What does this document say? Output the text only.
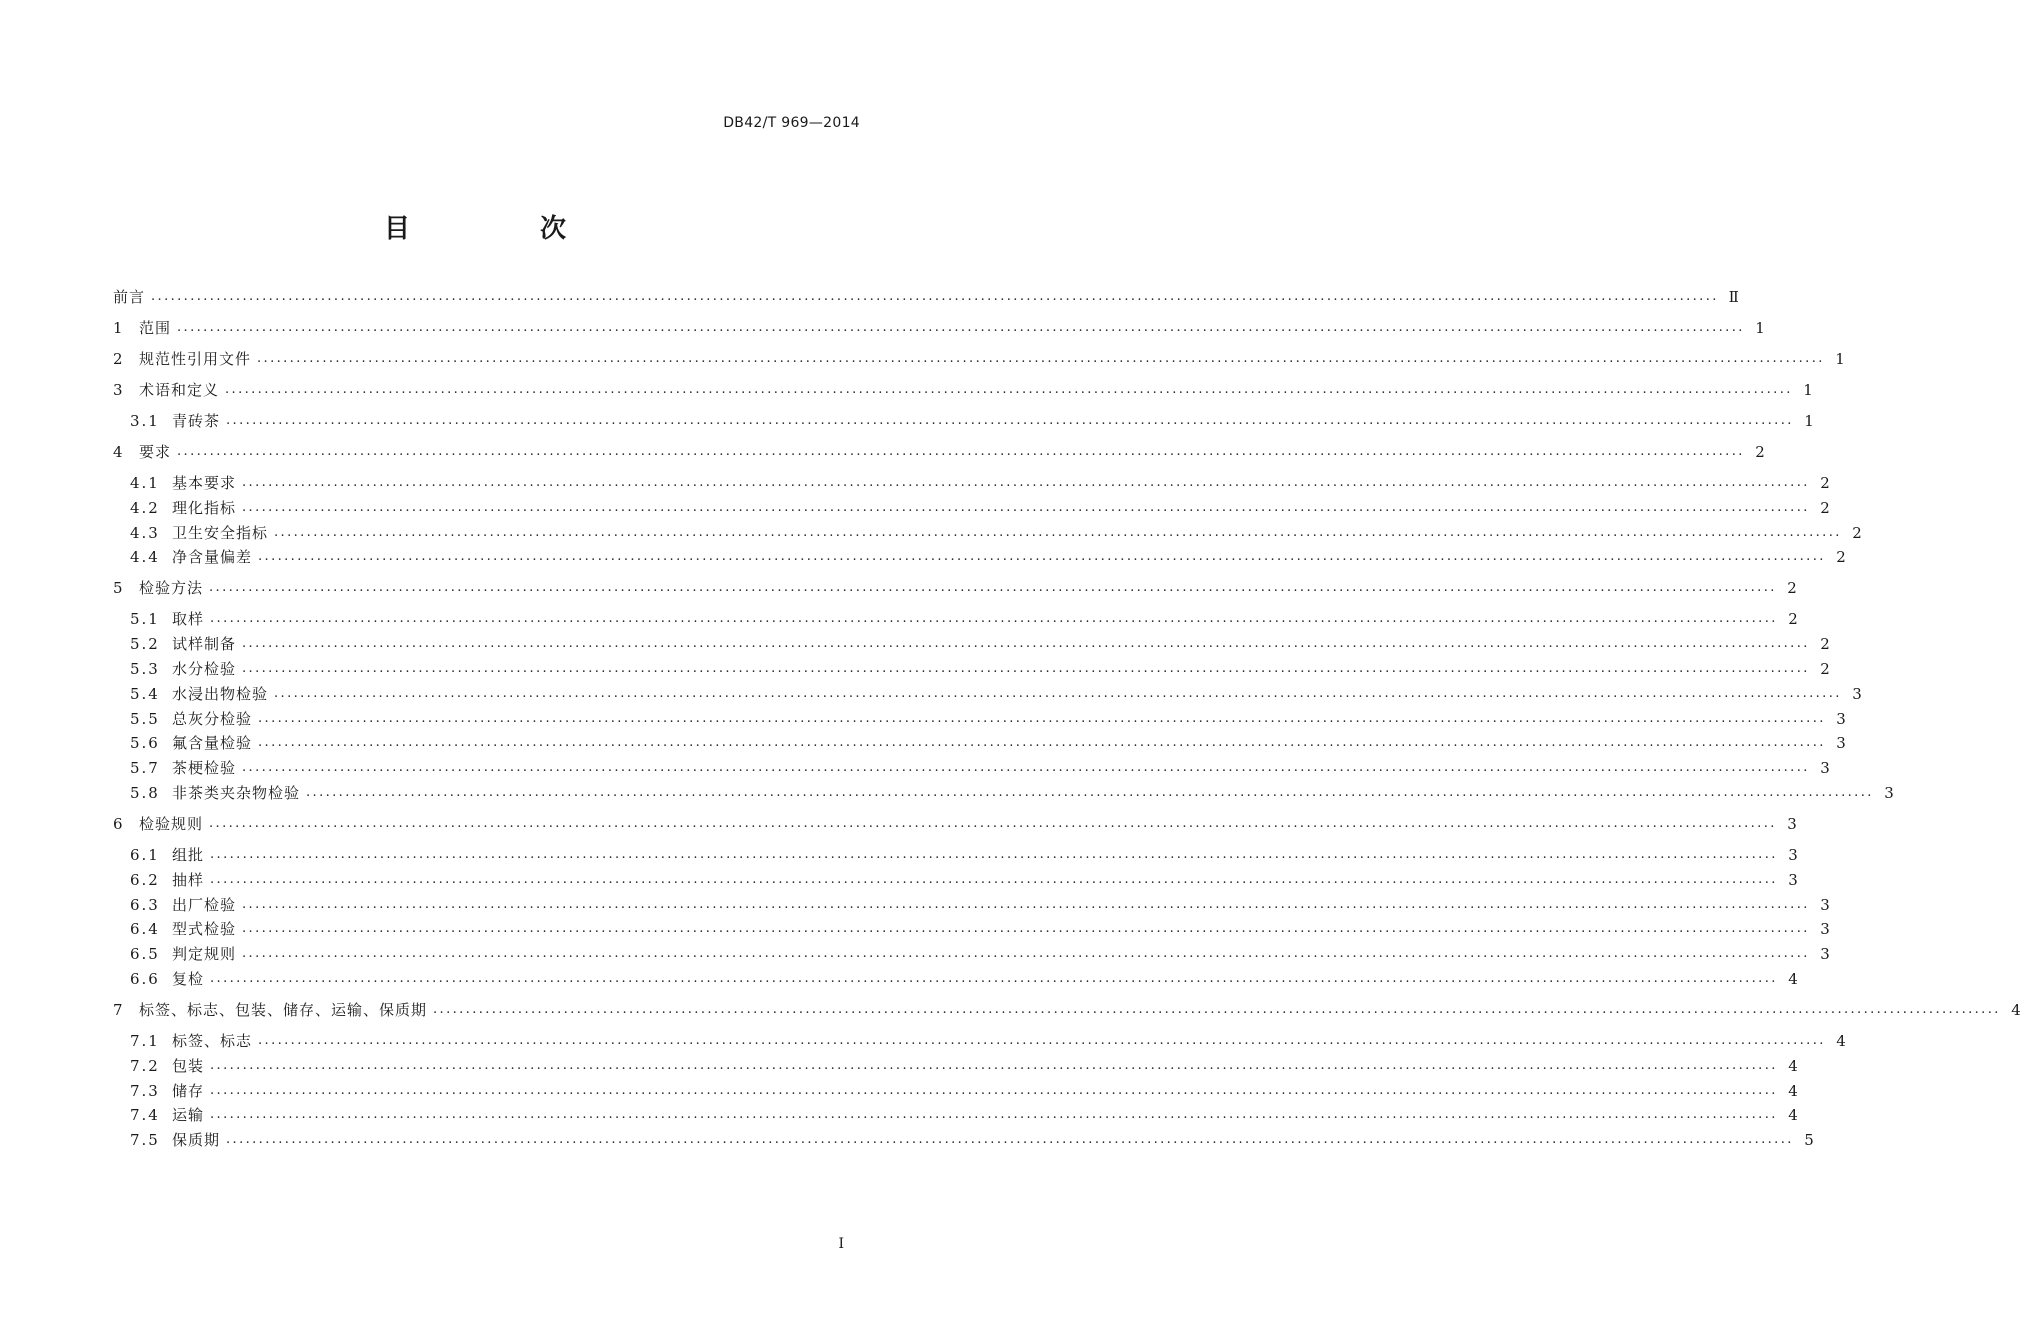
DB42/T 969—2014
目　次
前言 ................................................................................................................................................................................................................................................ Ⅱ
1	范围 ................................................................................................................................................................................................................................................ 1
2	规范性引用文件 ................................................................................................................................................................................................................................................ 1
3	术语和定义 ................................................................................................................................................................................................................................................ 1
3.1 青砖茶 ................................................................................................................................................................................................................................................ 1
4	要求 ................................................................................................................................................................................................................................................ 2
4.1 基本要求 ................................................................................................................................................................................................................................................ 2
4.2 理化指标 ................................................................................................................................................................................................................................................ 2
4.3 卫生安全指标 ................................................................................................................................................................................................................................................ 2
4.4 净含量偏差 ................................................................................................................................................................................................................................................ 2
5	检验方法 ................................................................................................................................................................................................................................................ 2
5.1 取样 ................................................................................................................................................................................................................................................ 2
5.2 试样制备 ................................................................................................................................................................................................................................................ 2
5.3 水分检验 ................................................................................................................................................................................................................................................ 2
5.4 水浸出物检验 ................................................................................................................................................................................................................................................ 3
5.5 总灰分检验 ................................................................................................................................................................................................................................................ 3
5.6 氟含量检验 ................................................................................................................................................................................................................................................ 3
5.7 茶梗检验 ................................................................................................................................................................................................................................................ 3
5.8 非茶类夹杂物检验 ................................................................................................................................................................................................................................................ 3
6	检验规则 ................................................................................................................................................................................................................................................ 3
6.1 组批 ................................................................................................................................................................................................................................................ 3
6.2 抽样 ................................................................................................................................................................................................................................................ 3
6.3 出厂检验 ................................................................................................................................................................................................................................................ 3
6.4 型式检验 ................................................................................................................................................................................................................................................ 3
6.5 判定规则 ................................................................................................................................................................................................................................................ 3
6.6 复检 ................................................................................................................................................................................................................................................ 4
7	标签、标志、包装、储存、运输、保质期 ................................................................................................................................................................................................................................................ 4
7.1 标签、标志 ................................................................................................................................................................................................................................................ 4
7.2 包装 ................................................................................................................................................................................................................................................ 4
7.3 储存 ................................................................................................................................................................................................................................................ 4
7.4 运输 ................................................................................................................................................................................................................................................ 4
7.5 保质期 ................................................................................................................................................................................................................................................ 5
I
